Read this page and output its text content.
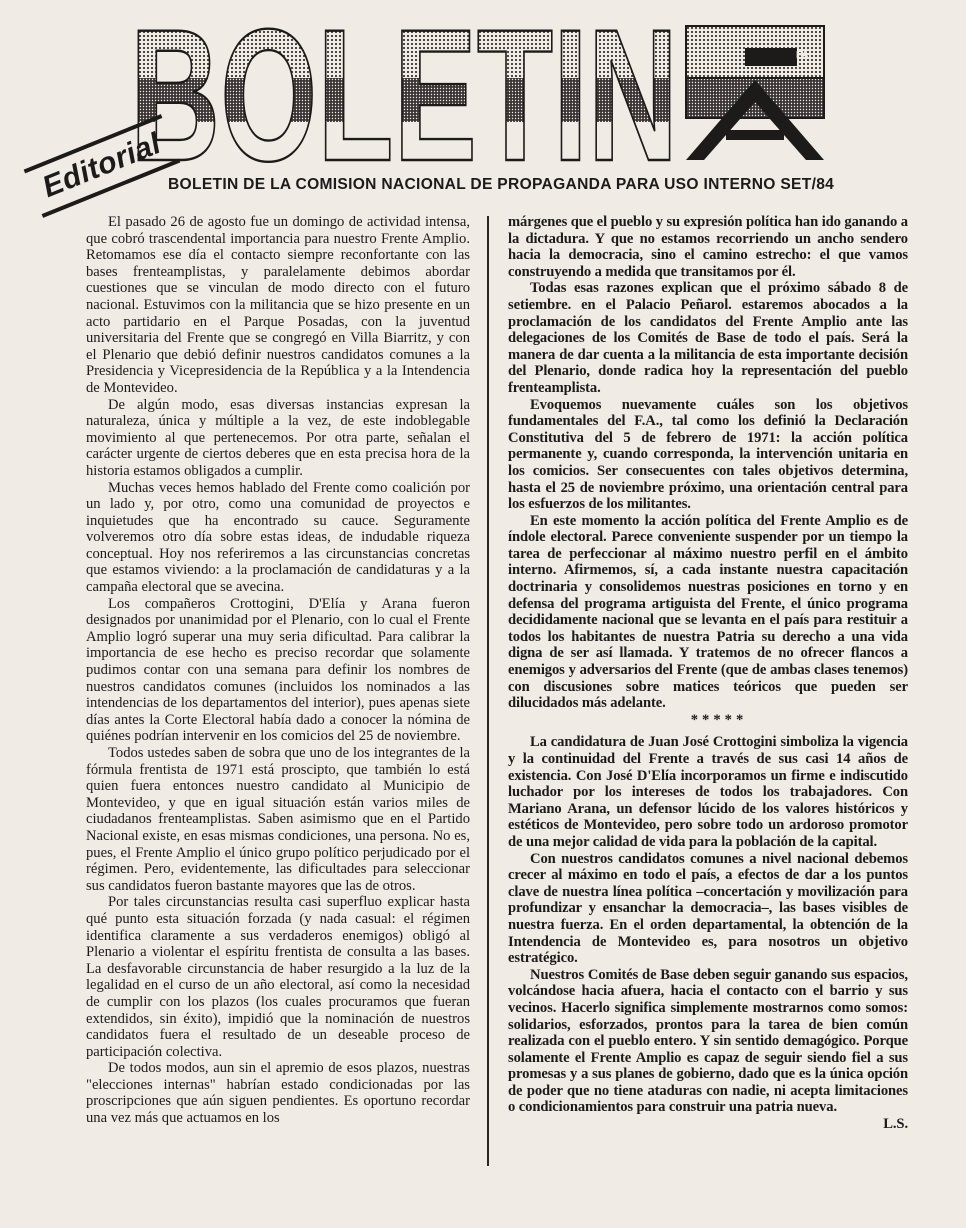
BOLETIN	FA
Editorial BOLETIN DE LA COMISION NACIONAL DE PROPAGANDA PARA USO INTERNO SET/84

El pasado 26 de agosto fue un domingo de actividad intensa, que cobró trascendental importancia para nuestro Frente Amplio. Retomamos ese día el contacto siempre reconfortante con las bases frenteamplistas, y paralelamente debimos abordar cuestiones que se vinculan de modo directo con el futuro nacional. Estuvimos con la militancia que se hizo presente en un acto partidario en el Parque Posadas, con la juventud universitaria del Frente que se congregó en Villa Biarritz, y con el Plenario que debió definir nuestros candidatos comunes a la Presidencia y Vicepresidencia de la República y a la Intendencia de Montevideo.

De algún modo, esas diversas instancias expresan la naturaleza, única y múltiple a la vez, de este indoblegable movimiento al que pertenecemos. Por otra parte, señalan el carácter urgente de ciertos deberes que en esta precisa hora de la historia estamos obligados a cumplir.

Muchas veces hemos hablado del Frente como coalición por un lado y, por otro, como una comunidad de proyectos e inquietudes que ha encontrado su cauce. Seguramente volveremos otro día sobre estas ideas, de indudable riqueza conceptual. Hoy nos referiremos a las circunstancias concretas que estamos viviendo: a la proclamación de candidaturas y a la campaña electoral que se avecina.

Los compañeros Crottogini, D'Elía y Arana fueron designados por unanimidad por el Plenario, con lo cual el Frente Amplio logró superar una muy seria dificultad. Para calibrar la importancia de ese hecho es preciso recordar que solamente pudimos contar con una semana para definir los nombres de nuestros candidatos comunes (incluidos los nominados a las intendencias de los departamentos del interior), pues apenas siete días antes la Corte Electoral había dado a conocer la nómina de quiénes podrían intervenir en los comicios del 25 de noviembre.

Todos ustedes saben de sobra que uno de los integrantes de la fórmula frentista de 1971 está proscipto, que también lo está quien fuera entonces nuestro candidato al Municipio de Montevideo, y que en igual situación están varios miles de ciudadanos frenteamplistas. Saben asimismo que en el Partido Nacional existe, en esas mismas condiciones, una persona. No es, pues, el Frente Amplio el único grupo político perjudicado por el régimen. Pero, evidentemente, las dificultades para seleccionar sus candidatos fueron bastante mayores que las de otros.

Por tales circunstancias resulta casi superfluo explicar hasta qué punto esta situación forzada (y nada casual: el régimen identifica claramente a sus verdaderos enemigos) obligó al Plenario a violentar el espíritu frentista de consulta a las bases. La desfavorable circunstancia de haber resurgido a la luz de la legalidad en el curso de un año electoral, así como la necesidad de cumplir con los plazos (los cuales procuramos que fueran extendidos, sin éxito), impidió que la nominación de nuestros candidatos fuera el resultado de un deseable proceso de participación colectiva.

De todos modos, aun sin el apremio de esos plazos, nuestras "elecciones internas" habrían estado condicionadas por las proscripciones que aún siguen pendientes. Es oportuno recordar una vez más que actuamos en los

márgenes que el pueblo y su expresión política han ido ganando a la dictadura. Y que no estamos recorriendo un ancho sendero hacia la democracia, sino el camino estrecho: el que vamos construyendo a medida que transitamos por él.

Todas esas razones explican que el próximo sábado 8 de setiembre. en el Palacio Peñarol. estaremos abocados a la proclamación de los candidatos del Frente Amplio ante las delegaciones de los Comités de Base de todo el país. Será la manera de dar cuenta a la militancia de esta importante decisión del Plenario, donde radica hoy la representación del pueblo frenteamplista.

Evoquemos nuevamente cuáles son los objetivos fundamentales del F.A., tal como los definió la Declaración Constitutiva del 5 de febrero de 1971: la acción política permanente y, cuando corresponda, la intervención unitaria en los comicios. Ser consecuentes con tales objetivos determina, hasta el 25 de noviembre próximo, una orientación central para los esfuerzos de los militantes.

En este momento la acción política del Frente Amplio es de índole electoral. Parece conveniente suspender por un tiempo la tarea de perfeccionar al máximo nuestro perfil en el ámbito interno. Afirmemos, sí, a cada instante nuestra capacitación doctrinaria y consolidemos nuestras posiciones en torno y en defensa del programa artiguista del Frente, el único programa decididamente nacional que se levanta en el país para restituir a todos los habitantes de nuestra Patria su derecho a una vida digna de ser así llamada. Y tratemos de no ofrecer flancos a enemigos y adversarios del Frente (que de ambas clases tenemos) con discusiones sobre matices teóricos que pueden ser dilucidados más adelante.

*****

La candidatura de Juan José Crottogini simboliza la vigencia y la continuidad del Frente a través de sus casi 14 años de existencia. Con José D'Elía incorporamos un firme e indiscutido luchador por los intereses de todos los trabajadores. Con Mariano Arana, un defensor lúcido de los valores históricos y estéticos de Montevideo, pero sobre todo un ardoroso promotor de una mejor calidad de vida para la población de la capital.

Con nuestros candidatos comunes a nivel nacional debemos crecer al máximo en todo el país, a efectos de dar a los puntos clave de nuestra línea política –concertación y movilización para profundizar y ensanchar la democracia–, las bases visibles de nuestra fuerza. En el orden departamental, la obtención de la Intendencia de Montevideo es, para nosotros un objetivo estratégico.

Nuestros Comités de Base deben seguir ganando sus espacios, volcándose hacia afuera, hacia el contacto con el barrio y sus vecinos. Hacerlo significa simplemente mostrarnos como somos: solidarios, esforzados, prontos para la tarea de bien común realizada con el pueblo entero. Y sin sentido demagógico. Porque solamente el Frente Amplio es capaz de seguir siendo fiel a sus promesas y a sus planes de gobierno, dado que es la única opción de poder que no tiene ataduras con nadie, ni acepta limitaciones o condicionamientos para construir una patria nueva.

L.S.
